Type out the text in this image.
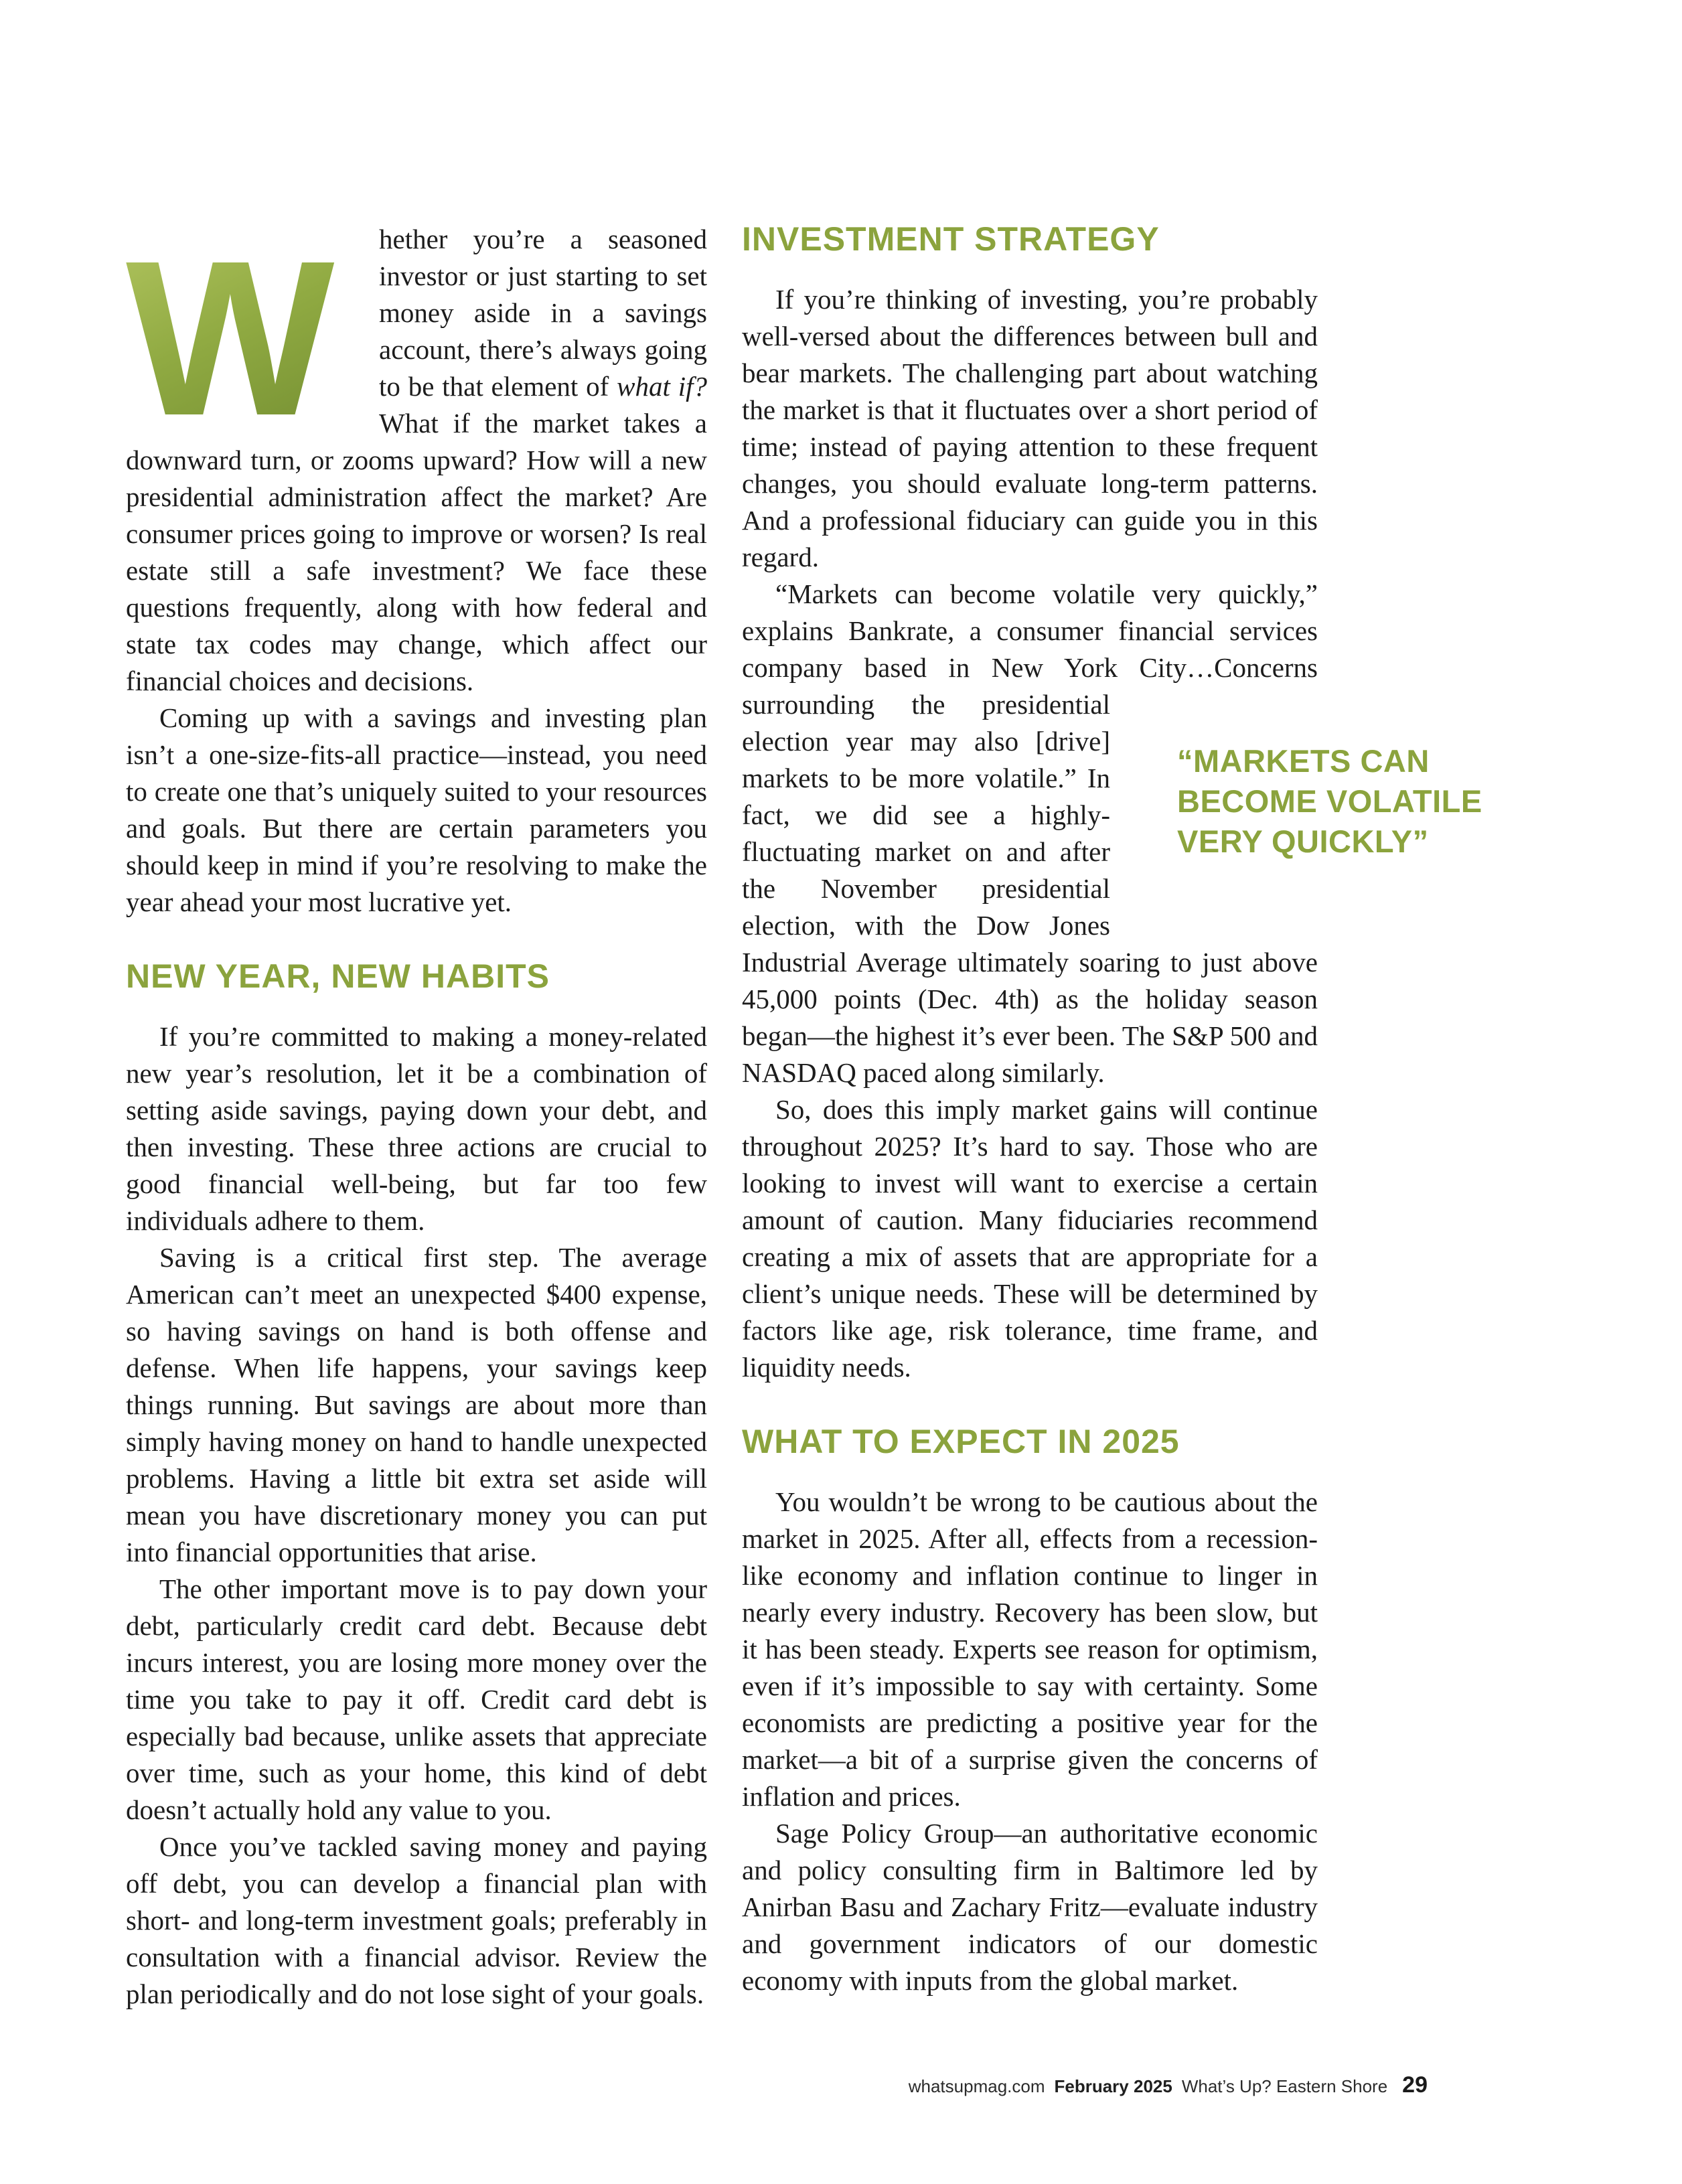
W	hether you’re a seasoned investor or just starting to set money aside in a savings account, there’s always going to be that element of what if? What if the market takes a downward turn, or zooms upward? How will a new presidential administration affect the market? Are consumer prices going to improve or worsen? Is real estate still a safe investment? We face these questions frequently, along with how federal and state tax codes may change, which affect our financial choices and decisions.

Coming up with a savings and investing plan isn’t a one-size-fits-all practice—instead, you need to create one that’s uniquely suited to your resources and goals. But there are certain parameters you should keep in mind if you’re resolving to make the year ahead your most lucrative yet.

NEW YEAR, NEW HABITS

If you’re committed to making a money-related new year’s resolution, let it be a combination of setting aside savings, paying down your debt, and then investing. These three actions are crucial to good financial well-being, but far too few individuals adhere to them.

Saving is a critical first step. The average American can’t meet an unexpected $400 expense, so having savings on hand is both offense and defense. When life happens, your savings keep things running. But savings are about more than simply having money on hand to handle unexpected problems. Having a little bit extra set aside will mean you have discretionary money you can put into financial opportunities that arise.

The other important move is to pay down your debt, particularly credit card debt. Because debt incurs interest, you are losing more money over the time you take to pay it off. Credit card debt is especially bad because, unlike assets that appreciate over time, such as your home, this kind of debt doesn’t actually hold any value to you.

Once you’ve tackled saving money and paying off debt, you can develop a financial plan with short- and long-term investment goals; preferably in consultation with a financial advisor. Review the plan periodically and do not lose sight of your goals.

INVESTMENT STRATEGY

If you’re thinking of investing, you’re probably well-versed about the differences between bull and bear markets. The challenging part about watching the market is that it fluctuates over a short period of time; instead of paying attention to these frequent changes, you should evaluate long-term patterns. And a professional fiduciary can guide you in this regard.

“Markets can become volatile very quickly,” explains Bankrate, a consumer financial services company based in New York City…Concerns
“MARKETS CAN
BECOME VOLATILE
VERY QUICKLY”
surrounding the presidential election year may also [drive] markets to be more volatile.” In fact, we did see a highly-fluctuating market on and after the November presidential election, with the Dow Jones Industrial Average ultimately soaring to just above 45,000 points (Dec. 4th) as the holiday season began—the highest it’s ever been. The S&P 500 and NASDAQ paced along similarly.

So, does this imply market gains will continue throughout 2025? It’s hard to say. Those who are looking to invest will want to exercise a certain amount of caution. Many fiduciaries recommend creating a mix of assets that are appropriate for a client’s unique needs. These will be determined by factors like age, risk tolerance, time frame, and liquidity needs.

WHAT TO EXPECT IN 2025

You wouldn’t be wrong to be cautious about the market in 2025. After all, effects from a recession-like economy and inflation continue to linger in nearly every industry. Recovery has been slow, but it has been steady. Experts see reason for optimism, even if it’s impossible to say with certainty. Some economists are predicting a positive year for the market—a bit of a surprise given the concerns of inflation and prices.

Sage Policy Group—an authoritative economic and policy consulting firm in Baltimore led by Anirban Basu and Zachary Fritz—evaluate industry and government indicators of our domestic economy with inputs from the global market.

whatsupmag.com February 2025 What’s Up? Eastern Shore 29
